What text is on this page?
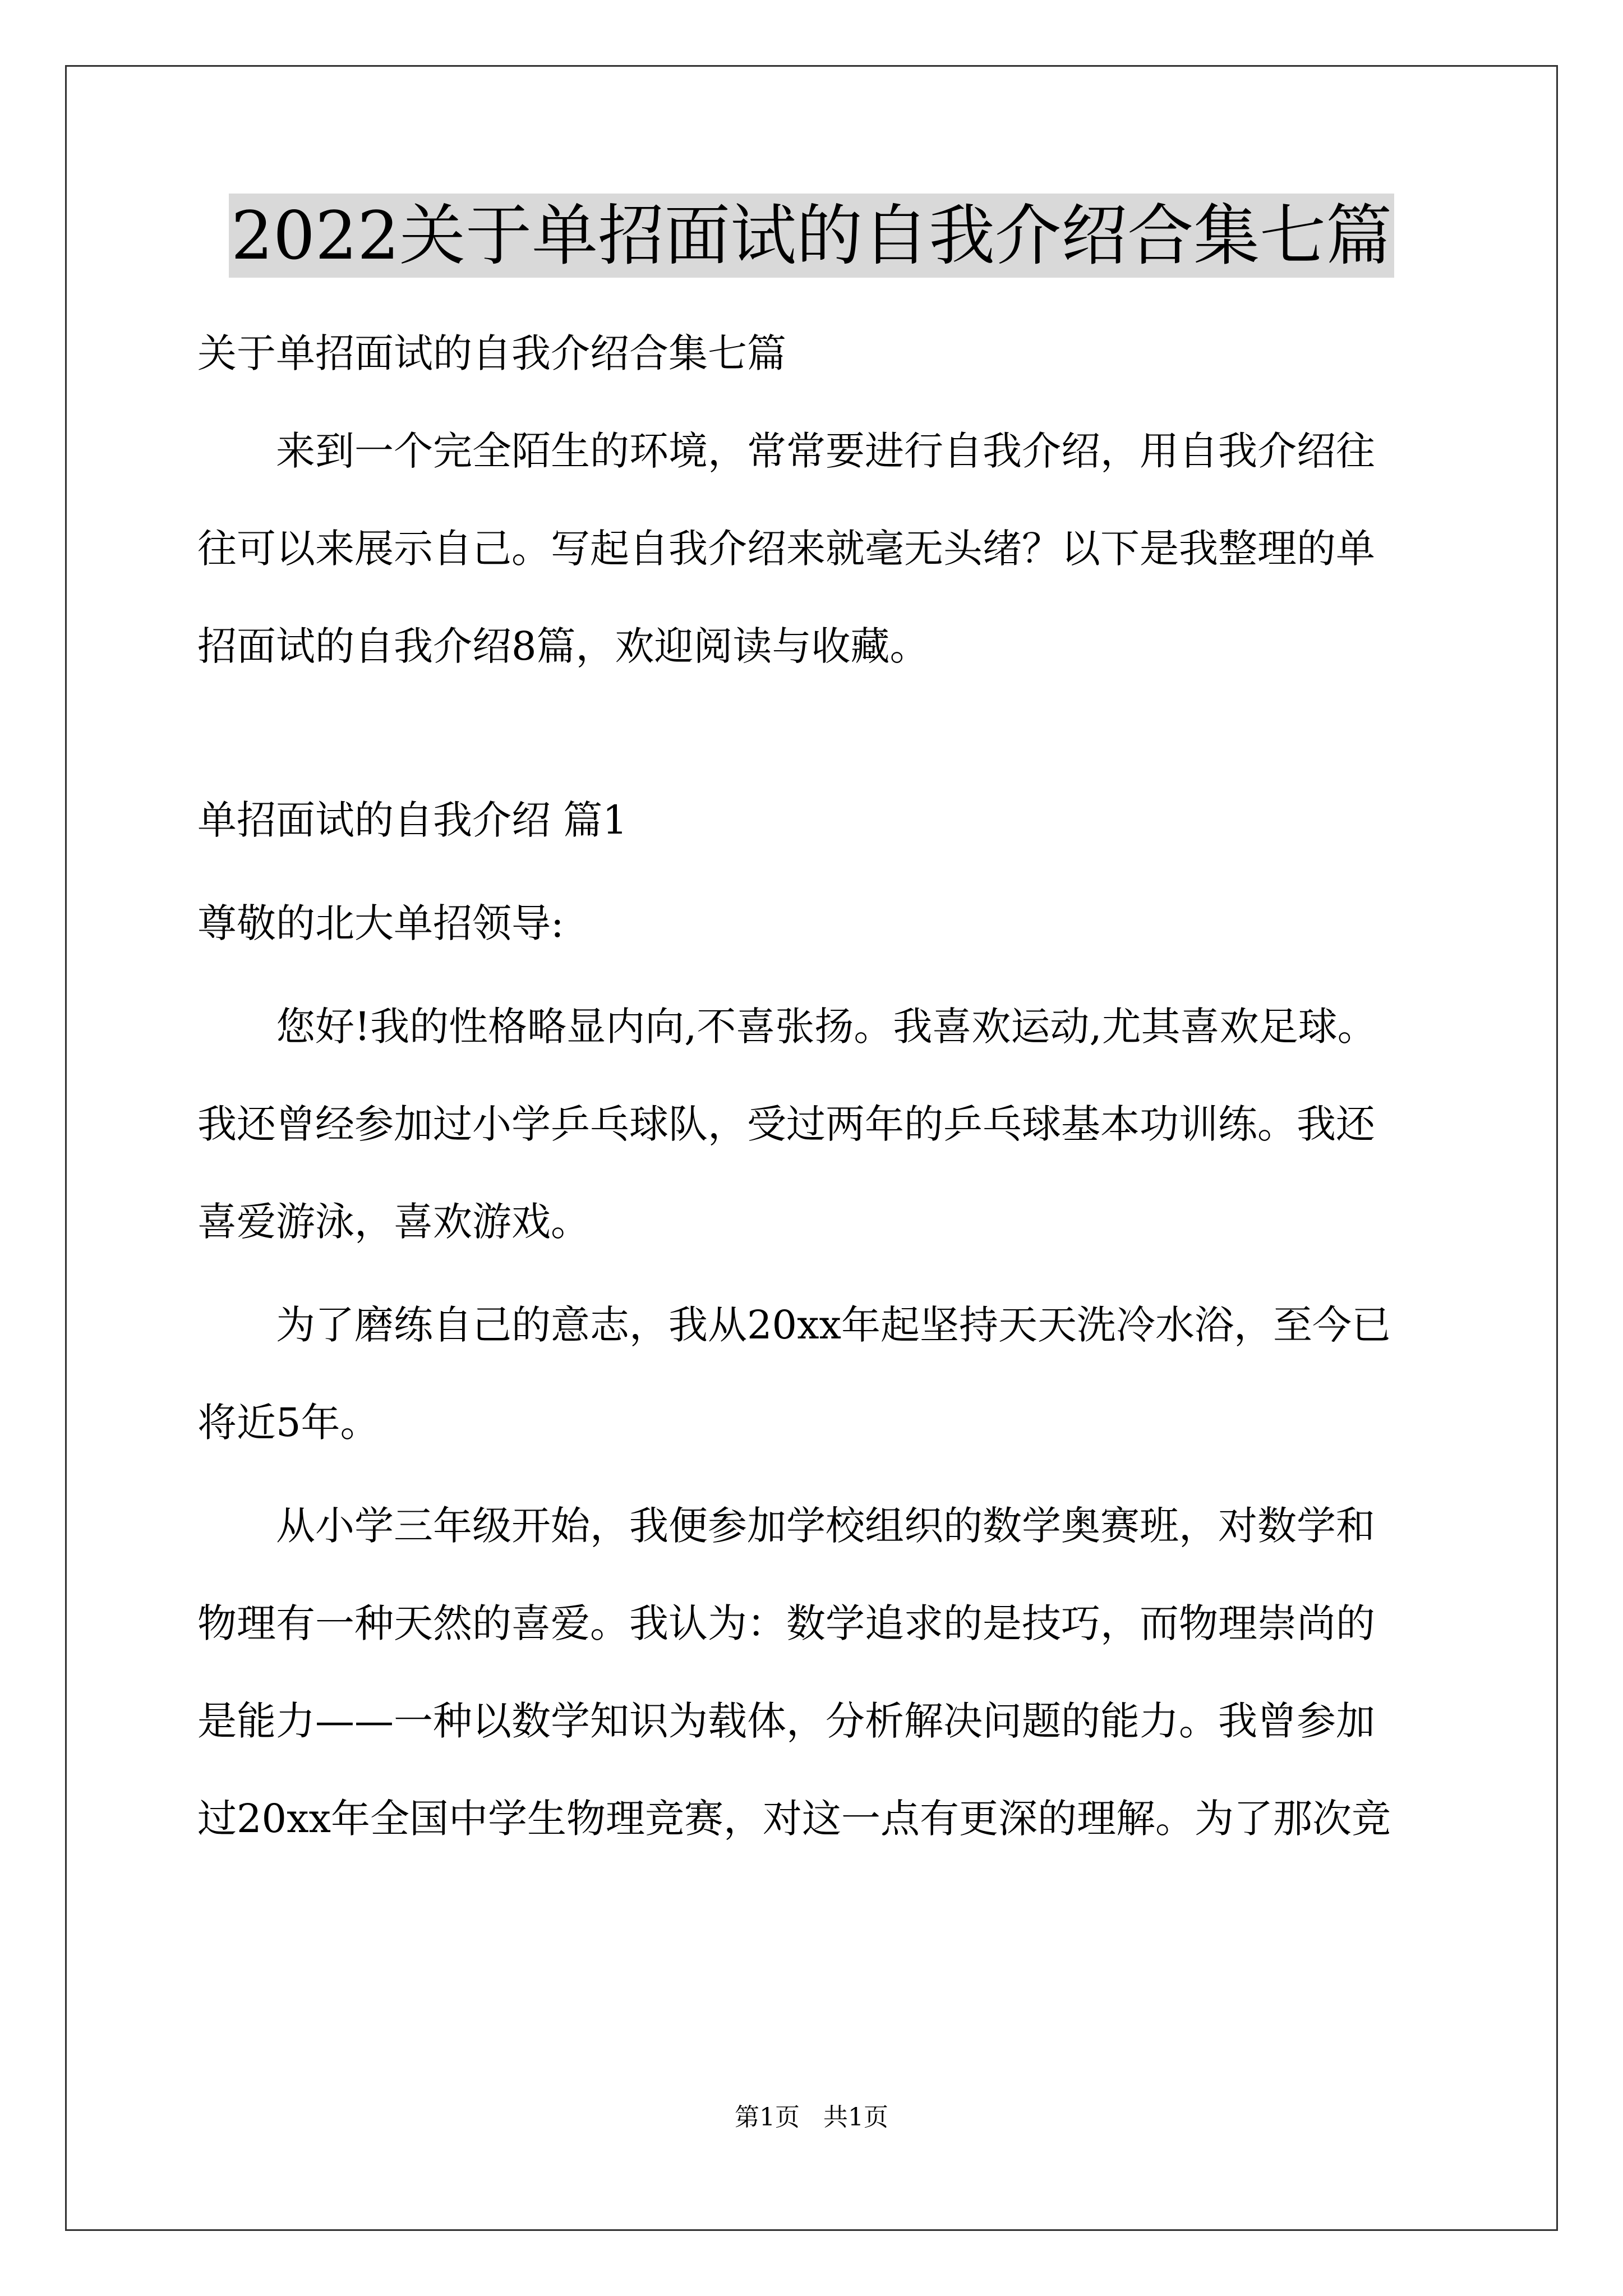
2022关于单招面试的自我介绍合集七篇

关于单招面试的自我介绍合集七篇

来到一个完全陌生的环境，常常要进行自我介绍，用自我介绍往

往可以来展示自己。写起自我介绍来就毫无头绪？以下是我整理的单

招面试的自我介绍8篇，欢迎阅读与收藏。

单招面试的自我介绍 篇1

尊敬的北大单招领导:

您好!我的性格略显内向,不喜张扬。我喜欢运动,尤其喜欢足球。

我还曾经参加过小学乒乓球队，受过两年的乒乓球基本功训练。我还

喜爱游泳，喜欢游戏。

为了磨练自己的意志，我从20xx年起坚持天天洗冷水浴，至今已

将近5年。

从小学三年级开始，我便参加学校组织的数学奥赛班，对数学和

物理有一种天然的喜爱。我认为：数学追求的是技巧，而物理崇尚的

是能力——一种以数学知识为载体，分析解决问题的能力。我曾参加

过20xx年全国中学生物理竞赛，对这一点有更深的理解。为了那次竞

第1页   共1页
